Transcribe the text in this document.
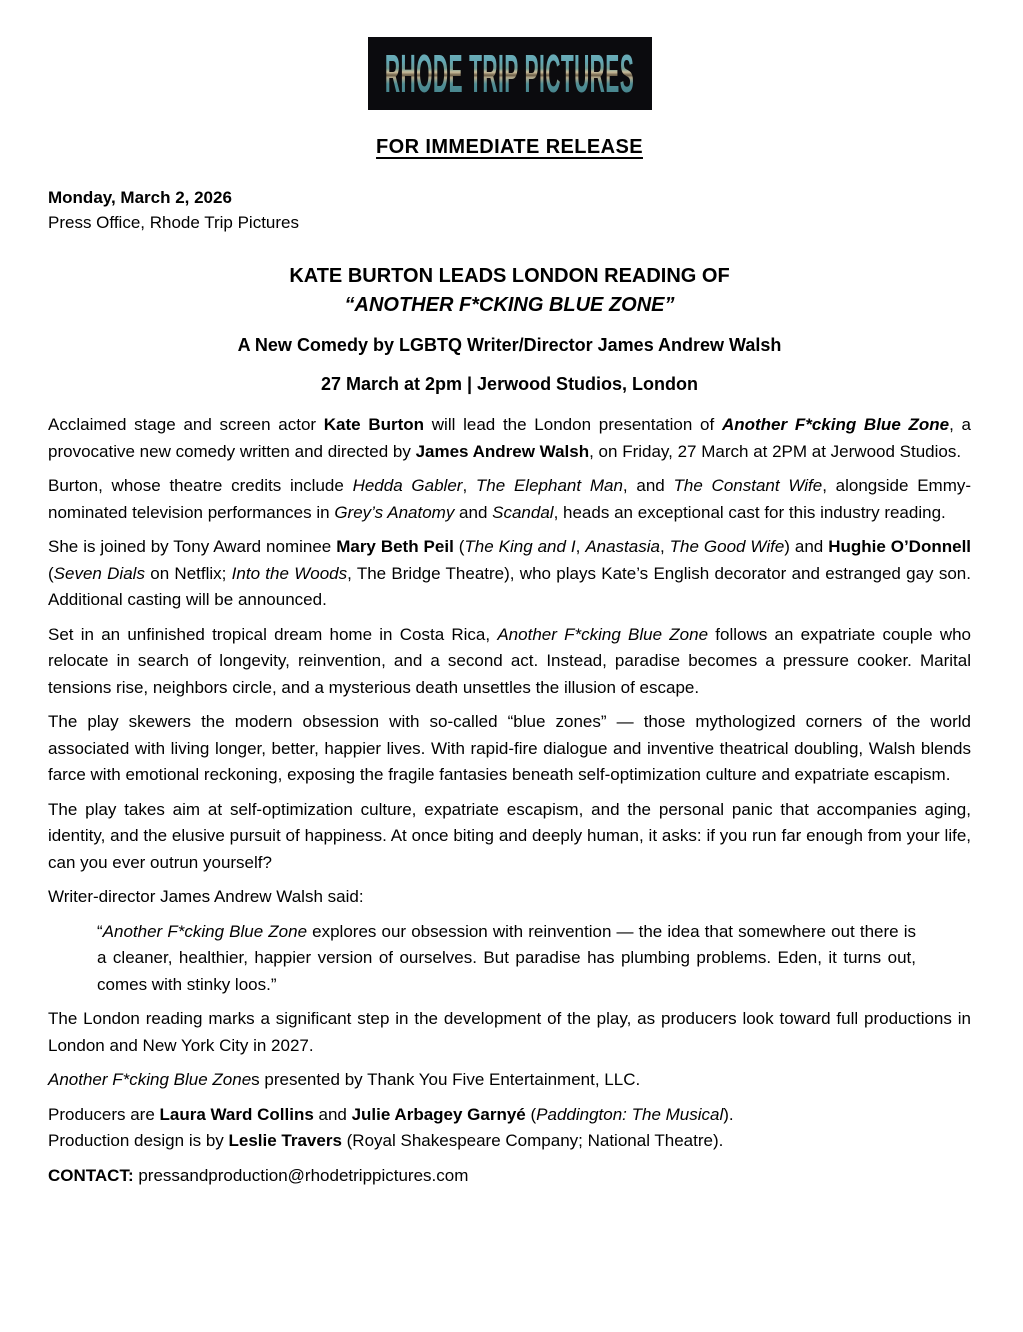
RHODE TRIP PICTURES
FOR IMMEDIATE RELEASE
Monday, March 2, 2026
Press Office, Rhode Trip Pictures
KATE BURTON LEADS LONDON READING OF
“ANOTHER F*CKING BLUE ZONE”
A New Comedy by LGBTQ Writer/Director James Andrew Walsh
27 March at 2pm | Jerwood Studios, London

Acclaimed stage and screen actor Kate Burton will lead the London presentation of Another F*cking Blue Zone, a provocative new comedy written and directed by James Andrew Walsh, on Friday, 27 March at 2PM at Jerwood Studios.

Burton, whose theatre credits include Hedda Gabler, The Elephant Man, and The Constant Wife, alongside Emmy-nominated television performances in Grey’s Anatomy and Scandal, heads an exceptional cast for this industry reading.

She is joined by Tony Award nominee Mary Beth Peil (The King and I, Anastasia, The Good Wife) and Hughie O’Donnell (Seven Dials on Netflix; Into the Woods, The Bridge Theatre), who plays Kate’s English decorator and estranged gay son. Additional casting will be announced.

Set in an unfinished tropical dream home in Costa Rica, Another F*cking Blue Zone follows an expatriate couple who relocate in search of longevity, reinvention, and a second act. Instead, paradise becomes a pressure cooker. Marital tensions rise, neighbors circle, and a mysterious death unsettles the illusion of escape.

The play skewers the modern obsession with so-called “blue zones” — those mythologized corners of the world associated with living longer, better, happier lives. With rapid-fire dialogue and inventive theatrical doubling, Walsh blends farce with emotional reckoning, exposing the fragile fantasies beneath self-optimization culture and expatriate escapism.

The play takes aim at self-optimization culture, expatriate escapism, and the personal panic that accompanies aging, identity, and the elusive pursuit of happiness. At once biting and deeply human, it asks: if you run far enough from your life, can you ever outrun yourself?

Writer-director James Andrew Walsh said:

“Another F*cking Blue Zone explores our obsession with reinvention — the idea that somewhere out there is a cleaner, healthier, happier version of ourselves. But paradise has plumbing problems. Eden, it turns out, comes with stinky loos.”

The London reading marks a significant step in the development of the play, as producers look toward full productions in London and New York City in 2027.

Another F*cking Blue Zones presented by Thank You Five Entertainment, LLC.

Producers are Laura Ward Collins and Julie Arbagey Garnyé (Paddington: The Musical).
Production design is by Leslie Travers (Royal Shakespeare Company; National Theatre).

CONTACT: pressandproduction@rhodetrippictures.com
